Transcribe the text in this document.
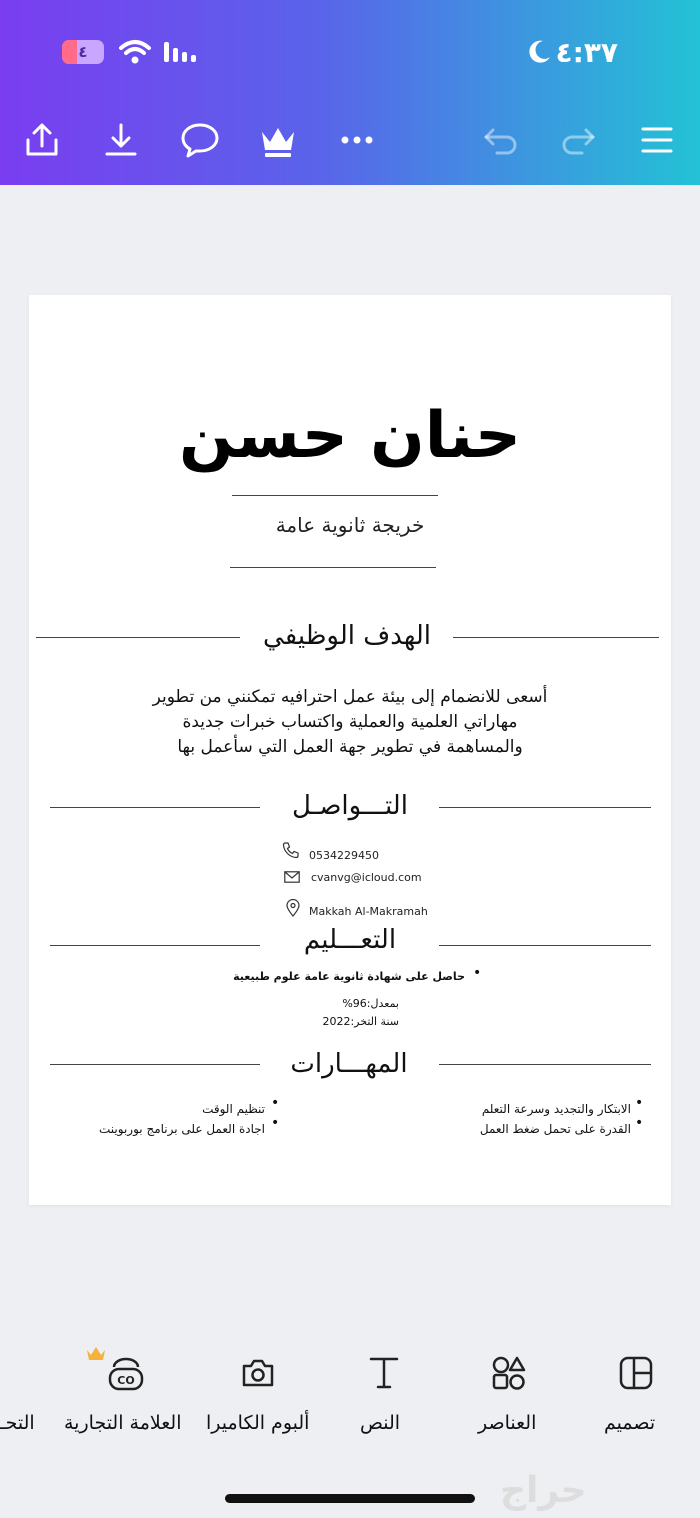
٤	٤:٣٧
حنان حسن
خريجة ثانوية عامة
الهدف الوظيفي
أسعى للانضمام إلى بيئة عمل احترافيه تمكنني من تطوير
مهاراتي العلمية والعملية واكتساب خبرات جديدة
والمساهمة في تطوير جهة العمل التي سأعمل بها
التـــواصـل
0534229450
cvanvg@icloud.com
Makkah Al-Makramah
التعـــليم
•
حاصل على شهادة ثانوية عامة علوم طبيعية
بمعدل:96%
سنة التخر:2022
المهـــارات
•
الابتكار والتجديد وسرعة التعلم
•
القدرة على تحمل ضغط العمل
•
تنظيم الوقت
•
اجادة العمل على برنامج بوربوينت
تصميم
العناصر
النص
ألبوم الكاميرا
CO
العلامة التجارية
التحـ
حراج
